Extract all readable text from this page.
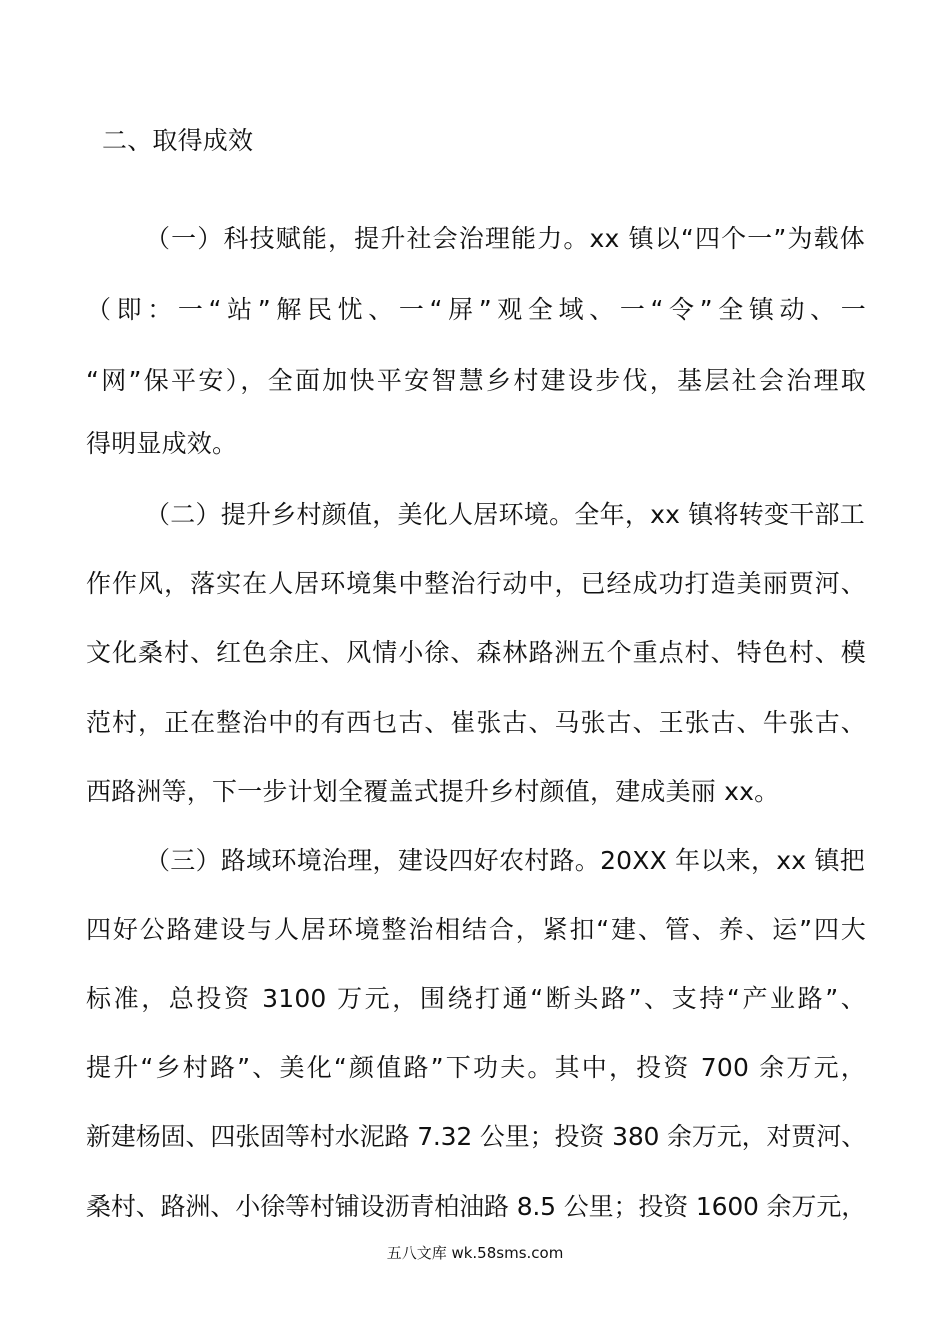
二、取得成效
（一）科技赋能，提升社会治理能力。xx 镇以“四个一”为载体
（即：一“站”解民忧、一“屏”观全域、一“令”全镇动、一
“网”保平安），全面加快平安智慧乡村建设步伐，基层社会治理取
得明显成效。
（二）提升乡村颜值，美化人居环境。全年，xx 镇将转变干部工
作作风，落实在人居环境集中整治行动中，已经成功打造美丽贾河、
文化桑村、红色余庄、风情小徐、森林路洲五个重点村、特色村、模
范村，正在整治中的有西乜古、崔张古、马张古、王张古、牛张古、
西路洲等，下一步计划全覆盖式提升乡村颜值，建成美丽 xx。
（三）路域环境治理，建设四好农村路。20XX 年以来，xx 镇把
四好公路建设与人居环境整治相结合，紧扣“建、管、养、运”四大
标准，总投资 3100 万元，围绕打通“断头路”、支持“产业路”、
提升“乡村路”、美化“颜值路”下功夫。其中，投资 700 余万元，
新建杨固、四张固等村水泥路 7.32 公里；投资 380 余万元，对贾河、
桑村、路洲、小徐等村铺设沥青柏油路 8.5 公里；投资 1600 余万元，
五八文库 wk.58sms.com
